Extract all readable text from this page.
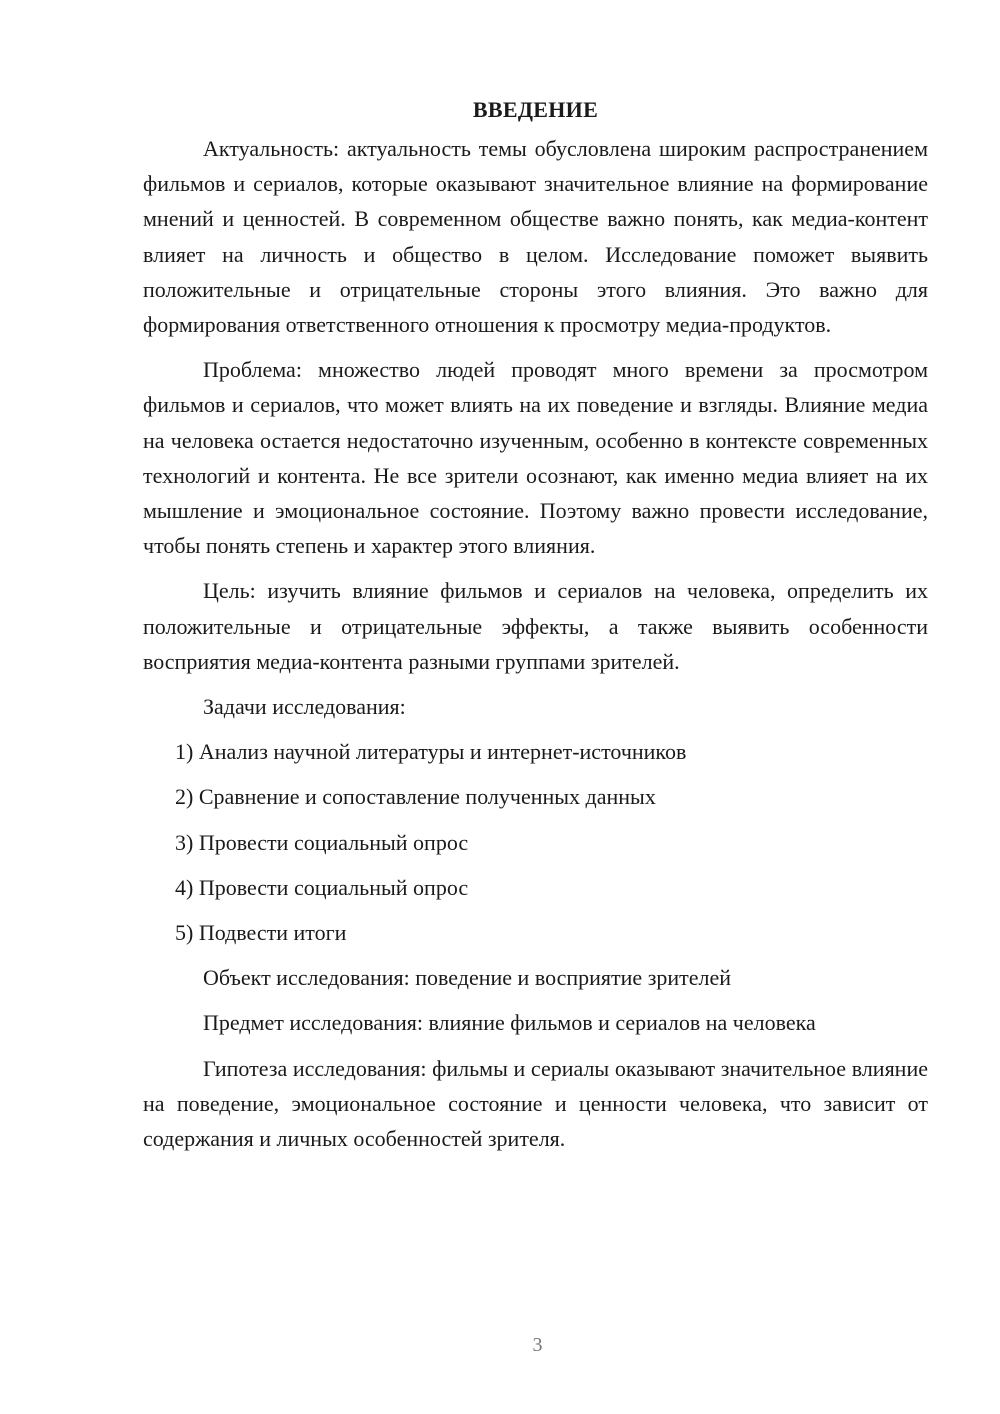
ВВЕДЕНИЕ

Актуальность: актуальность темы обусловлена широким распространением фильмов и сериалов, которые оказывают значительное влияние на формирование мнений и ценностей. В современном обществе важно понять, как медиа-контент влияет на личность и общество в целом. Исследование поможет выявить положительные и отрицательные стороны этого влияния. Это важно для формирования ответственного отношения к просмотру медиа-продуктов.

Проблема: множество людей проводят много времени за просмотром фильмов и сериалов, что может влиять на их поведение и взгляды. Влияние медиа на человека остается недостаточно изученным, особенно в контексте современных технологий и контента. Не все зрители осознают, как именно медиа влияет на их мышление и эмоциональное состояние. Поэтому важно провести исследование, чтобы понять степень и характер этого влияния.

Цель: изучить влияние фильмов и сериалов на человека, определить их положительные и отрицательные эффекты, а также выявить особенности восприятия медиа-контента разными группами зрителей.

Задачи исследования:
1) Анализ научной литературы и интернет-источников
2) Сравнение и сопоставление полученных данных
3) Провести социальный опрос
4) Провести социальный опрос
5) Подвести итоги
Объект исследования: поведение и восприятие зрителей
Предмет исследования: влияние фильмов и сериалов на человека

Гипотеза исследования: фильмы и сериалы оказывают значительное влияние на поведение, эмоциональное состояние и ценности человека, что зависит от содержания и личных особенностей зрителя.

3
